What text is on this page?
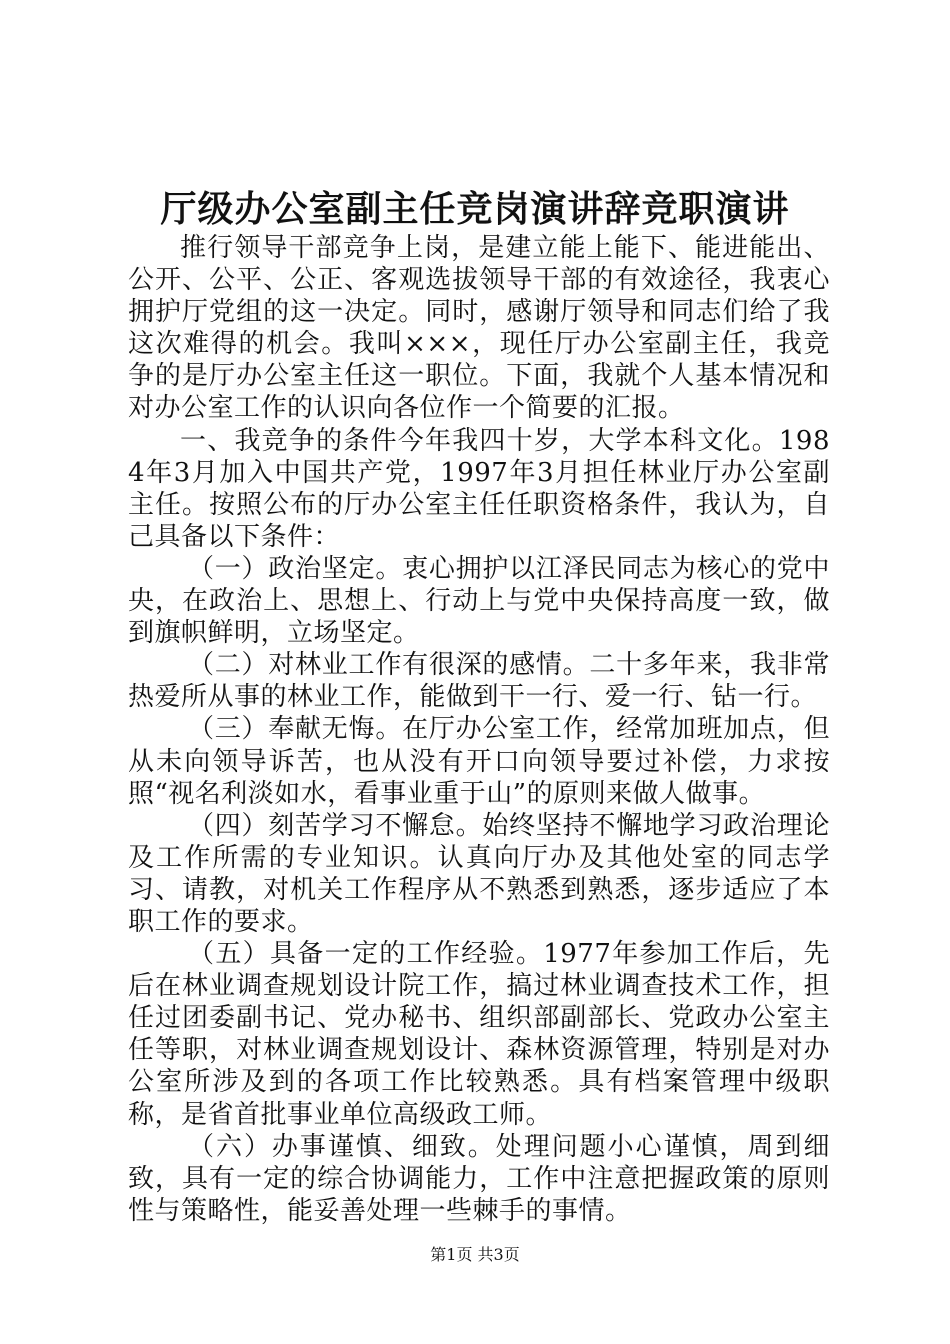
厅级办公室副主任竞岗演讲辞竞职演讲

推行领导干部竞争上岗，是建立能上能下、能进能出、公开、公平、公正、客观选拔领导干部的有效途径，我衷心拥护厅党组的这一决定。同时，感谢厅领导和同志们给了我这次难得的机会。我叫×××，现任厅办公室副主任，我竞争的是厅办公室主任这一职位。下面，我就个人基本情况和对办公室工作的认识向各位作一个简要的汇报。

一、我竞争的条件今年我四十岁，大学本科文化。1984年3月加入中国共产党，1997年3月担任林业厅办公室副主任。按照公布的厅办公室主任任职资格条件，我认为，自己具备以下条件：

（一）政治坚定。衷心拥护以江泽民同志为核心的党中央，在政治上、思想上、行动上与党中央保持高度一致，做到旗帜鲜明，立场坚定。

（二）对林业工作有很深的感情。二十多年来，我非常热爱所从事的林业工作，能做到干一行、爱一行、钻一行。

（三）奉献无悔。在厅办公室工作，经常加班加点，但从未向领导诉苦，也从没有开口向领导要过补偿，力求按照“视名利淡如水，看事业重于山”的原则来做人做事。

（四）刻苦学习不懈怠。始终坚持不懈地学习政治理论及工作所需的专业知识。认真向厅办及其他处室的同志学习、请教，对机关工作程序从不熟悉到熟悉，逐步适应了本职工作的要求。

（五）具备一定的工作经验。1977年参加工作后，先后在林业调查规划设计院工作，搞过林业调查技术工作，担任过团委副书记、党办秘书、组织部副部长、党政办公室主任等职，对林业调查规划设计、森林资源管理，特别是对办公室所涉及到的各项工作比较熟悉。具有档案管理中级职称，是省首批事业单位高级政工师。

（六）办事谨慎、细致。处理问题小心谨慎，周到细致，具有一定的综合协调能力，工作中注意把握政策的原则性与策略性，能妥善处理一些棘手的事情。

第1页 共3页
